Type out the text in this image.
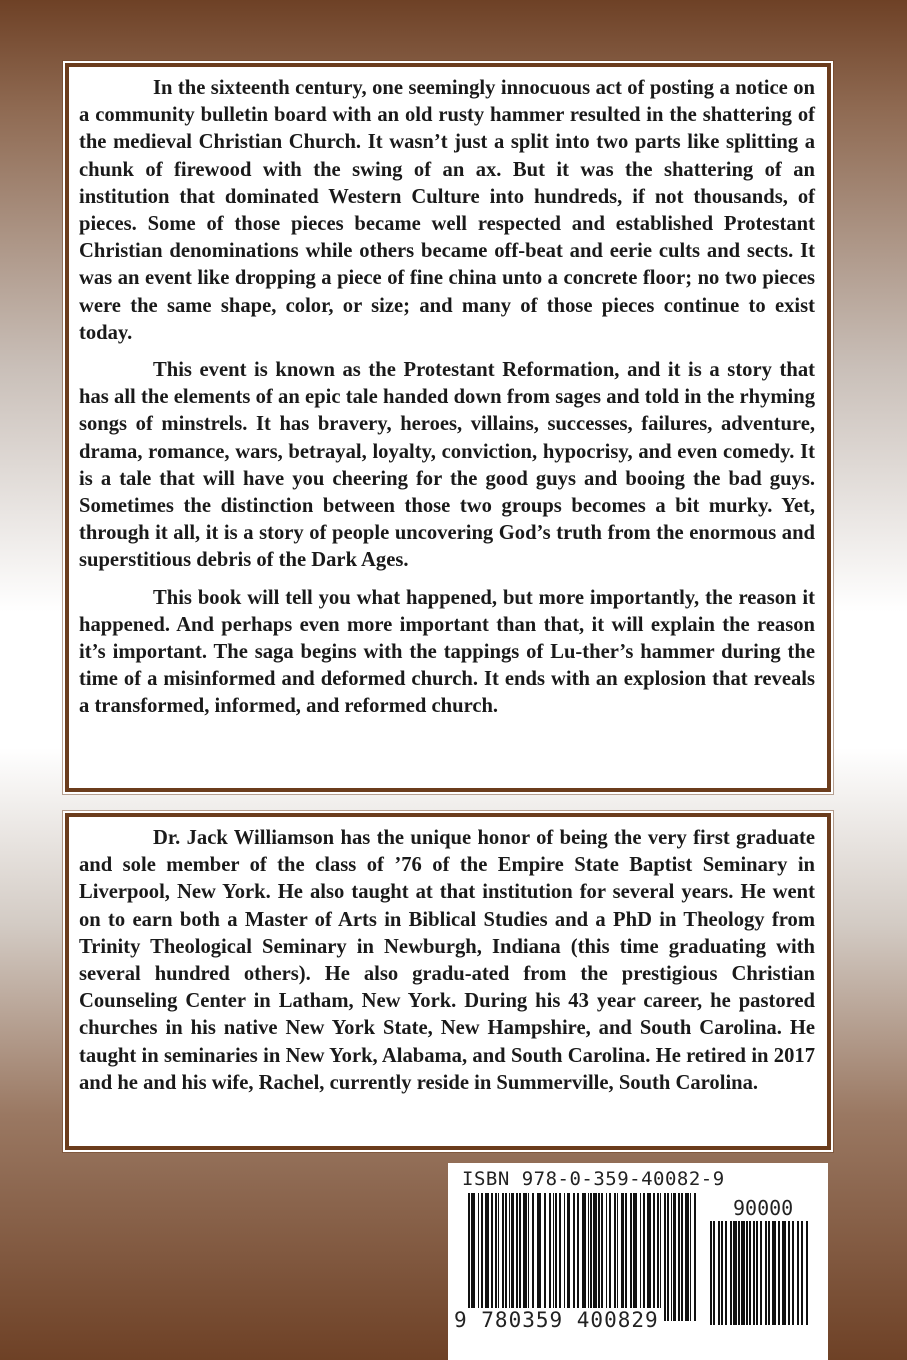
In the sixteenth century, one seemingly innocuous act of posting a notice on a community bulletin board with an old rusty hammer resulted in the shattering of the medieval Christian Church. It wasn’t just a split into two parts like splitting a chunk of firewood with the swing of an ax. But it was the shattering of an institution that dominated Western Culture into hundreds, if not thousands, of pieces. Some of those pieces became well respected and established Protestant Christian denominations while others became off-beat and eerie cults and sects. It was an event like dropping a piece of fine china unto a concrete floor; no two pieces were the same shape, color, or size; and many of those pieces continue to exist today.

This event is known as the Protestant Reformation, and it is a story that has all the elements of an epic tale handed down from sages and told in the rhyming songs of minstrels. It has bravery, heroes, villains, successes, failures, adventure, drama, romance, wars, betrayal, loyalty, conviction, hypocrisy, and even comedy. It is a tale that will have you cheering for the good guys and booing the bad guys. Sometimes the distinction between those two groups becomes a bit murky. Yet, through it all, it is a story of people uncovering God’s truth from the enormous and superstitious debris of the Dark Ages.

This book will tell you what happened, but more importantly, the reason it happened. And perhaps even more important than that, it will explain the reason it’s important. The saga begins with the tappings of Lu-ther’s hammer during the time of a misinformed and deformed church. It ends with an explosion that reveals a transformed, informed, and reformed church.

Dr. Jack Williamson has the unique honor of being the very first graduate and sole member of the class of ’76 of the Empire State Baptist Seminary in Liverpool, New York. He also taught at that institution for several years. He went on to earn both a Master of Arts in Biblical Studies and a PhD in Theology from Trinity Theological Seminary in Newburgh, Indiana (this time graduating with several hundred others). He also gradu-ated from the prestigious Christian Counseling Center in Latham, New York. During his 43 year career, he pastored churches in his native New York State, New Hampshire, and South Carolina. He taught in seminaries in New York, Alabama, and South Carolina. He retired in 2017 and he and his wife, Rachel, currently reside in Summerville, South Carolina.

ISBN 978-0-359-40082-9
90000
9 780359 400829
